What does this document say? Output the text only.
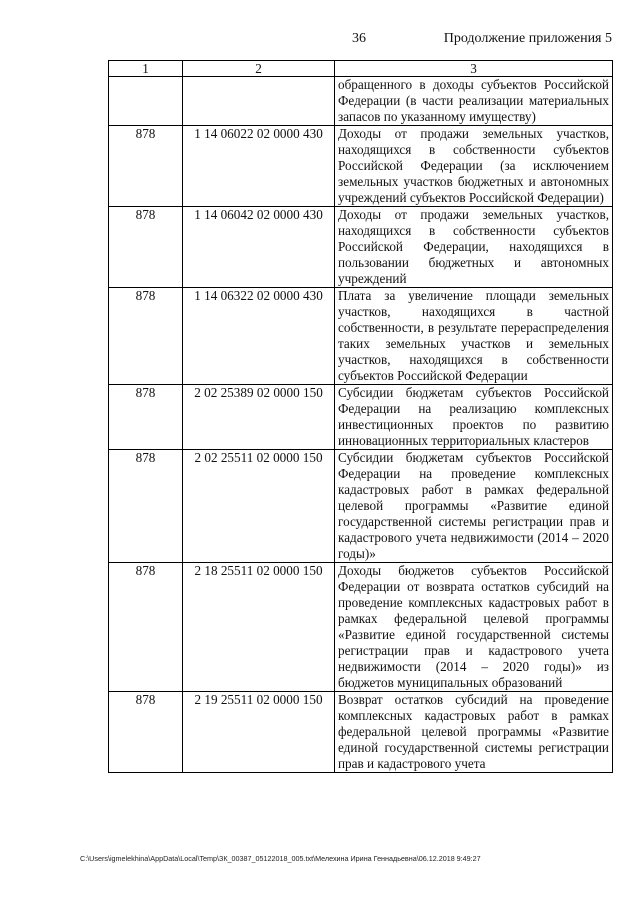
36	Продолжение приложения 5
1	2	3
		обращенного в доходы субъектов Российской Федерации (в части реализации материальных запасов по указанному имуществу)
878	1 14 06022 02 0000 430	Доходы от продажи земельных участков, находящихся в собственности субъектов Российской Федерации (за исключением земельных участков бюджетных и автономных учреждений субъектов Российской Федерации)
878	1 14 06042 02 0000 430	Доходы от продажи земельных участков, находящихся в собственности субъектов Российской Федерации, находящихся в пользовании бюджетных и автономных учреждений
878	1 14 06322 02 0000 430	Плата за увеличение площади земельных участков, находящихся в частной собственности, в результате перераспределения таких земельных участков и земельных участков, находящихся в собственности субъектов Российской Федерации
878	2 02 25389 02 0000 150	Субсидии бюджетам субъектов Российской Федерации на реализацию комплексных инвестиционных проектов по развитию инновационных территориальных кластеров
878	2 02 25511 02 0000 150	Субсидии бюджетам субъектов Российской Федерации на проведение комплексных кадастровых работ в рамках федеральной целевой программы «Развитие единой государственной системы регистрации прав и кадастрового учета недвижимости (2014 – 2020 годы)»
878	2 18 25511 02 0000 150	Доходы бюджетов субъектов Российской Федерации от возврата остатков субсидий на проведение комплексных кадастровых работ в рамках федеральной целевой программы «Развитие единой государственной системы регистрации прав и кадастрового учета недвижимости (2014 – 2020 годы)» из бюджетов муниципальных образований
878	2 19 25511 02 0000 150	Возврат остатков субсидий на проведение комплексных кадастровых работ в рамках федеральной целевой программы «Развитие единой государственной системы регистрации прав и кадастрового учета
C:\Users\igmelekhina\AppData\Local\Temp\ЗК_00387_05122018_005.txt\Мелехина Ирина Геннадьевна\06.12.2018 9:49:27
